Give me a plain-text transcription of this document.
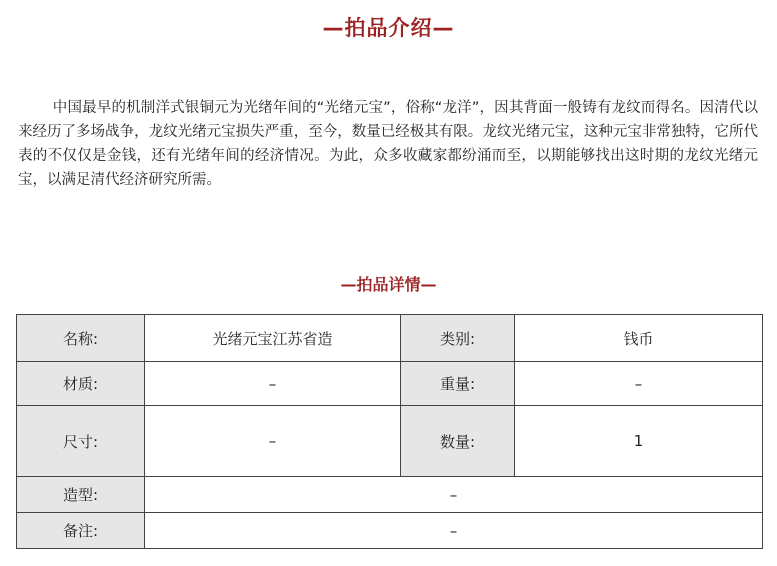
—拍品介绍—

中国最早的机制洋式银铜元为光绪年间的“光绪元宝”，俗称“龙洋”，因其背面一般铸有龙纹而得名。因清代以来经历了多场战争，龙纹光绪元宝损失严重，至今，数量已经极其有限。龙纹光绪元宝，这种元宝非常独特，它所代表的不仅仅是金钱，还有光绪年间的经济情况。为此，众多收藏家都纷涌而至，以期能够找出这时期的龙纹光绪元宝，以满足清代经济研究所需。

—拍品详情—
名称:	光绪元宝江苏省造	类别:	钱币
材质:	–	重量:	–
尺寸:	–	数量:	1
造型:	–		
备注:	–		
